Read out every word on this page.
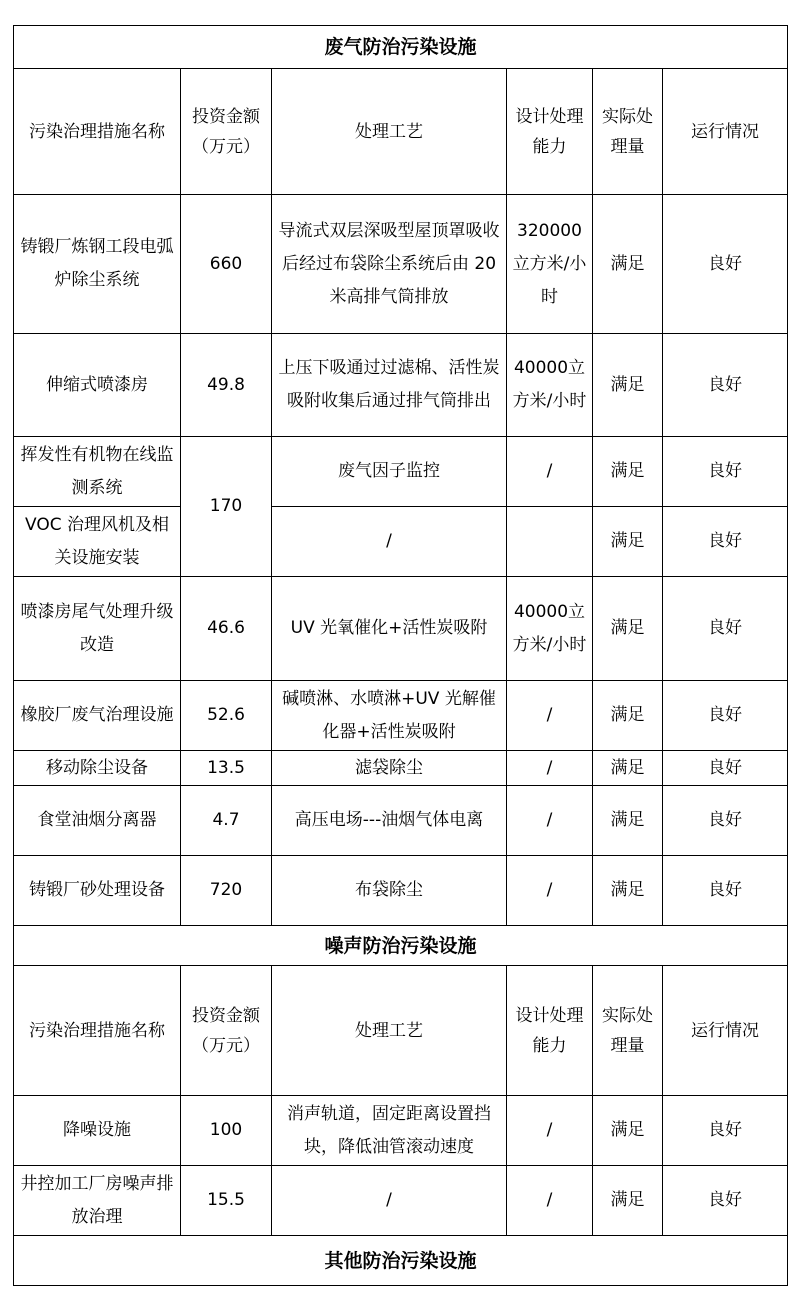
废气防治污染设施					
污染治理措施名称	投资金额（万元）	处理工艺	设计处理能力	实际处理量	运行情况
铸锻厂炼钢工段电弧炉除尘系统	660	导流式双层深吸型屋顶罩吸收后经过布袋除尘系统后由 20 米高排气筒排放	320000立方米/小时	满足	良好
伸缩式喷漆房	49.8	上压下吸通过过滤棉、活性炭吸附收集后通过排气筒排出	40000立方米/小时	满足	良好
挥发性有机物在线监测系统	170	废气因子监控	/	满足	良好
VOC 治理风机及相关设施安装		/		满足	良好
喷漆房尾气处理升级改造	46.6	UV 光氧催化+活性炭吸附	40000立方米/小时	满足	良好
橡胶厂废气治理设施	52.6	碱喷淋、水喷淋+UV 光解催化器+活性炭吸附	/	满足	良好
移动除尘设备	13.5	滤袋除尘	/	满足	良好
食堂油烟分离器	4.7	高压电场---油烟气体电离	/	满足	良好
铸锻厂砂处理设备	720	布袋除尘	/	满足	良好
噪声防治污染设施					
污染治理措施名称	投资金额（万元）	处理工艺	设计处理能力	实际处理量	运行情况
降噪设施	100	消声轨道，固定距离设置挡块，降低油管滚动速度	/	满足	良好
井控加工厂房噪声排放治理	15.5	/	/	满足	良好
其他防治污染设施					
